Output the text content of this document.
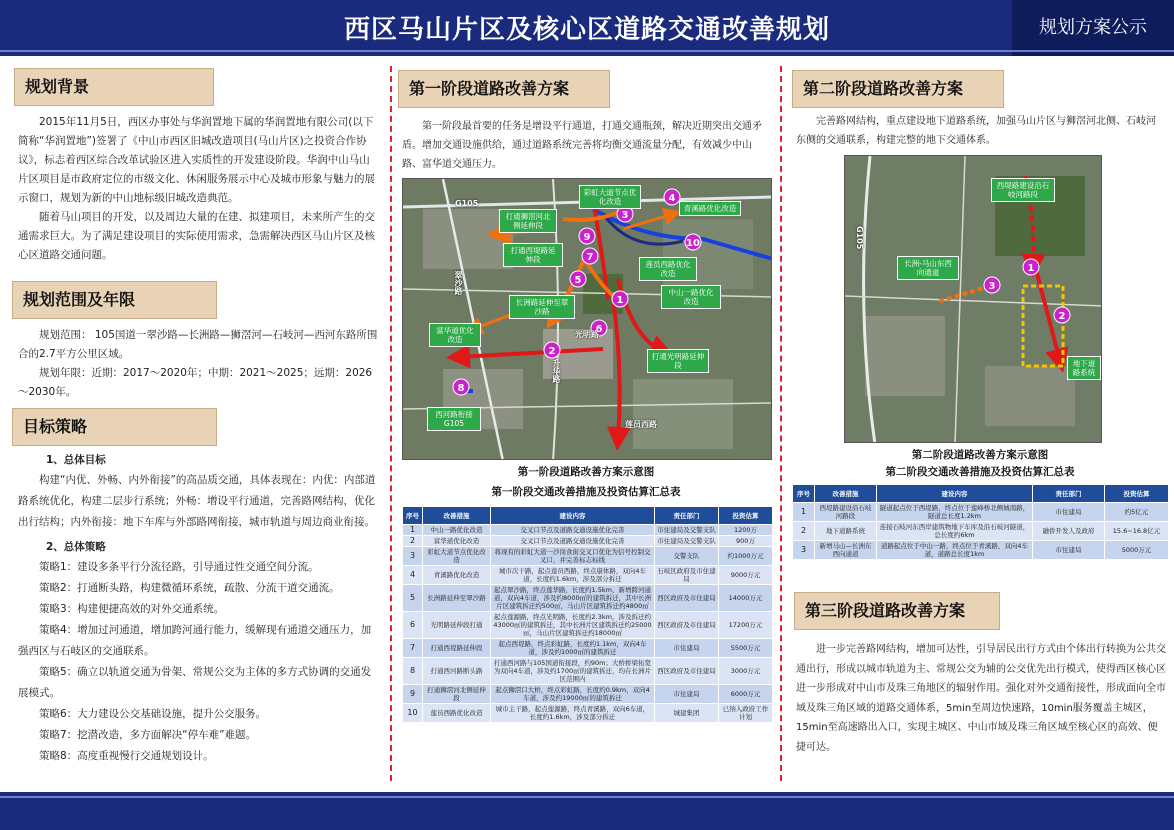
西区马山片区及核心区道路交通改善规划	规划方案公示
规划背景

2015年11月5日，西区办事处与华润置地下属的华润置地有限公司(以下简称“华润置地”)签署了《中山市西区旧城改造项目(马山片区)之投资合作协议》，标志着西区综合改革试验区进入实质性的开发建设阶段。华润中山马山片区项目是市政府定位的市级文化、休闲服务展示中心及城市形象与魅力的展示窗口，规划为新的中山地标级旧城改造典范。

随着马山项目的开发，以及周边大量的在建、拟建项目，未来所产生的交通需求巨大。为了满足建设项目的实际使用需求，急需解决西区马山片区及核心区道路交通问题。

规划范围及年限

规划范围： 105国道一翠沙路—长洲路—狮滘河—石岐河—西河东路所围合的2.7平方公里区域。

规划年限：近期：2017～2020年；中期：2021～2025；远期：2026～2030年。

目标策略
1、总体目标

构建“内优、外畅、内外衔接”的高品质交通，具体表现在：内优：内部道路系统优化，构建二层步行系统；外畅：增设平行通道，完善路网结构，优化出行结构；内外衔接：地下车库与外部路网衔接，城市轨道与周边商业衔接。

2、总体策略

策略1：建设多条平行分流径路，引导通过性交通空间分流。

策略2：打通断头路，构建微循环系统，疏散、分流干道交通流。

策略3：构建便捷高效的对外交通系统。

策略4：增加过河通道，增加跨河通行能力，缓解现有通道交通压力，加强西区与石岐区的交通联系。

策略5：确立以轨道交通为骨架、常规公交为主体的多方式协调的交通发展模式。

策略6：大力建设公交基础设施，提升公交服务。

策略7：挖潜改造，多方面解决“停车难”难题。

策略8：高度重视慢行交通规划设计。

第一阶段道路改善方案

第一阶段最首要的任务是增设平行通道，打通交通瓶颈，解决近期突出交通矛盾。增加交通设施供给，通过道路系统完善将均衡交通流量分配，有效减少中山路、富华道交通压力。

1
2
3
4
5
6
7
8
9
10
彩虹大道节点优化改造
打通狮滘河北侧延伸段
青溪路优化改造
打通西堤路延伸段
莲员西路优化改造
长洲路延伸至翠沙路
中山一路优化改造
富华道优化改造
打通光明路延伸段
西河路衔接G105
G105
翠沙路
光明路
升华路
莲员西路
第一阶段道路改善方案示意图
第一阶段交通改善措施及投资估算汇总表
序号	改善措施	建设内容	责任部门	投资估算
1	中山一路优化改造	交叉口节点及道路交通设施优化完善	市住建局及交警支队	1200万
2	富华道优化改造	交叉口节点及道路交通设施优化完善	市住建局及交警支队	900万
3	彩虹大道节点优化改造	将现有的彩虹大道一沙岗食街交叉口优化为信号控制交叉口，并完善标志标线	交警支队	约1000万元
4	青溪路优化改造	城市次干路，起点莲员西路，终点康体路，双向4车道，长度约1.6km，涉及部分拆迁	石岐区政府及市住建局	9000万元
5	长洲路延伸至翠沙路	起点翠沙路，终点莲华路，长度约1.5km，新增跨河通道，双向4车道，涉及约8000㎡的建筑拆迁，其中长洲片区建筑拆迁约500㎡，马山片区建筑拆迁约4800㎡	西区政府及市住建局	14000万元
6	光明路延伸段打通	起点莲源路，终点光明路，长度约2.3km，涉及拆迁约43000㎡的建筑拆迁，其中长洲片区建筑拆迁约25000㎡，马山片区建筑拆迁约18000㎡	西区政府及市住建局	17200万元
7	打通西堤路延伸段	起点西堤路，终点彩虹路，长度约1.1km，双向4车道，涉及约1000㎡的建筑拆迁	市住建局	5500万元
8	打通西河路断头路	打通西河路与105国道衔接段，约90m；大桥桥梁拓宽为双向4车道，涉及约1700㎡的建筑拆迁，均在长洲片区范围内	西区政府及市住建局	3000万元
9	打通狮滘河北侧延伸段	起点狮滘口大桥，终点彩虹路，长度约0.9km，双向4车道，涉及约19000㎡的建筑拆迁	市住建局	6000万元
10	莲员西路优化改造	城市主干路，起点莲源路，终点青溪路，双向6车道，长度约1.6km，涉及部分拆迁	城建集团	已纳入政府工作计划
第二阶段道路改善方案

完善路网结构，重点建设地下道路系统，加强马山片区与狮滘河北侧、石岐河东侧的交通联系，构建完整的地下交通体系。

1
2
3
西堤路建设沿石岐河路段
长洲-马山东西向通道
地下道路系统
G105
第二阶段道路改善方案示意图
第二阶段交通改善措施及投资估算汇总表
序号	改善措施	建设内容	责任部门	投资估算
1	西堤路建设沿石岐河路段	隧道起点位于西堤路，终点位于莲峰桥北侧城南路，隧道总长度1.2km	市住建局	约5亿元
2	地下道路系统	连接石岐河东西岸建筑物地下车库及沿石岐河隧道，总长度约6km	融侨开发人及政府	15.6~16.8亿元
3	新增马山—长洲东西向通道	道路起点位于中山一路，终点位于青溪路，双向4车道，道路总长度1km	市住建局	5000万元
第三阶段道路改善方案

进一步完善路网结构，增加可达性，引导居民出行方式由个体出行转换为公共交通出行，形成以城市轨道为主、常规公交为辅的公交优先出行模式，使得西区核心区进一步形成对中山市及珠三角地区的辐射作用。强化对外交通衔接性，形成面向全市域及珠三角区域的道路交通体系，5min至周边快速路，10min服务覆盖主城区，15min至高速路出入口，实现主城区、中山市域及珠三角区域至核心区的高效、便捷可达。
